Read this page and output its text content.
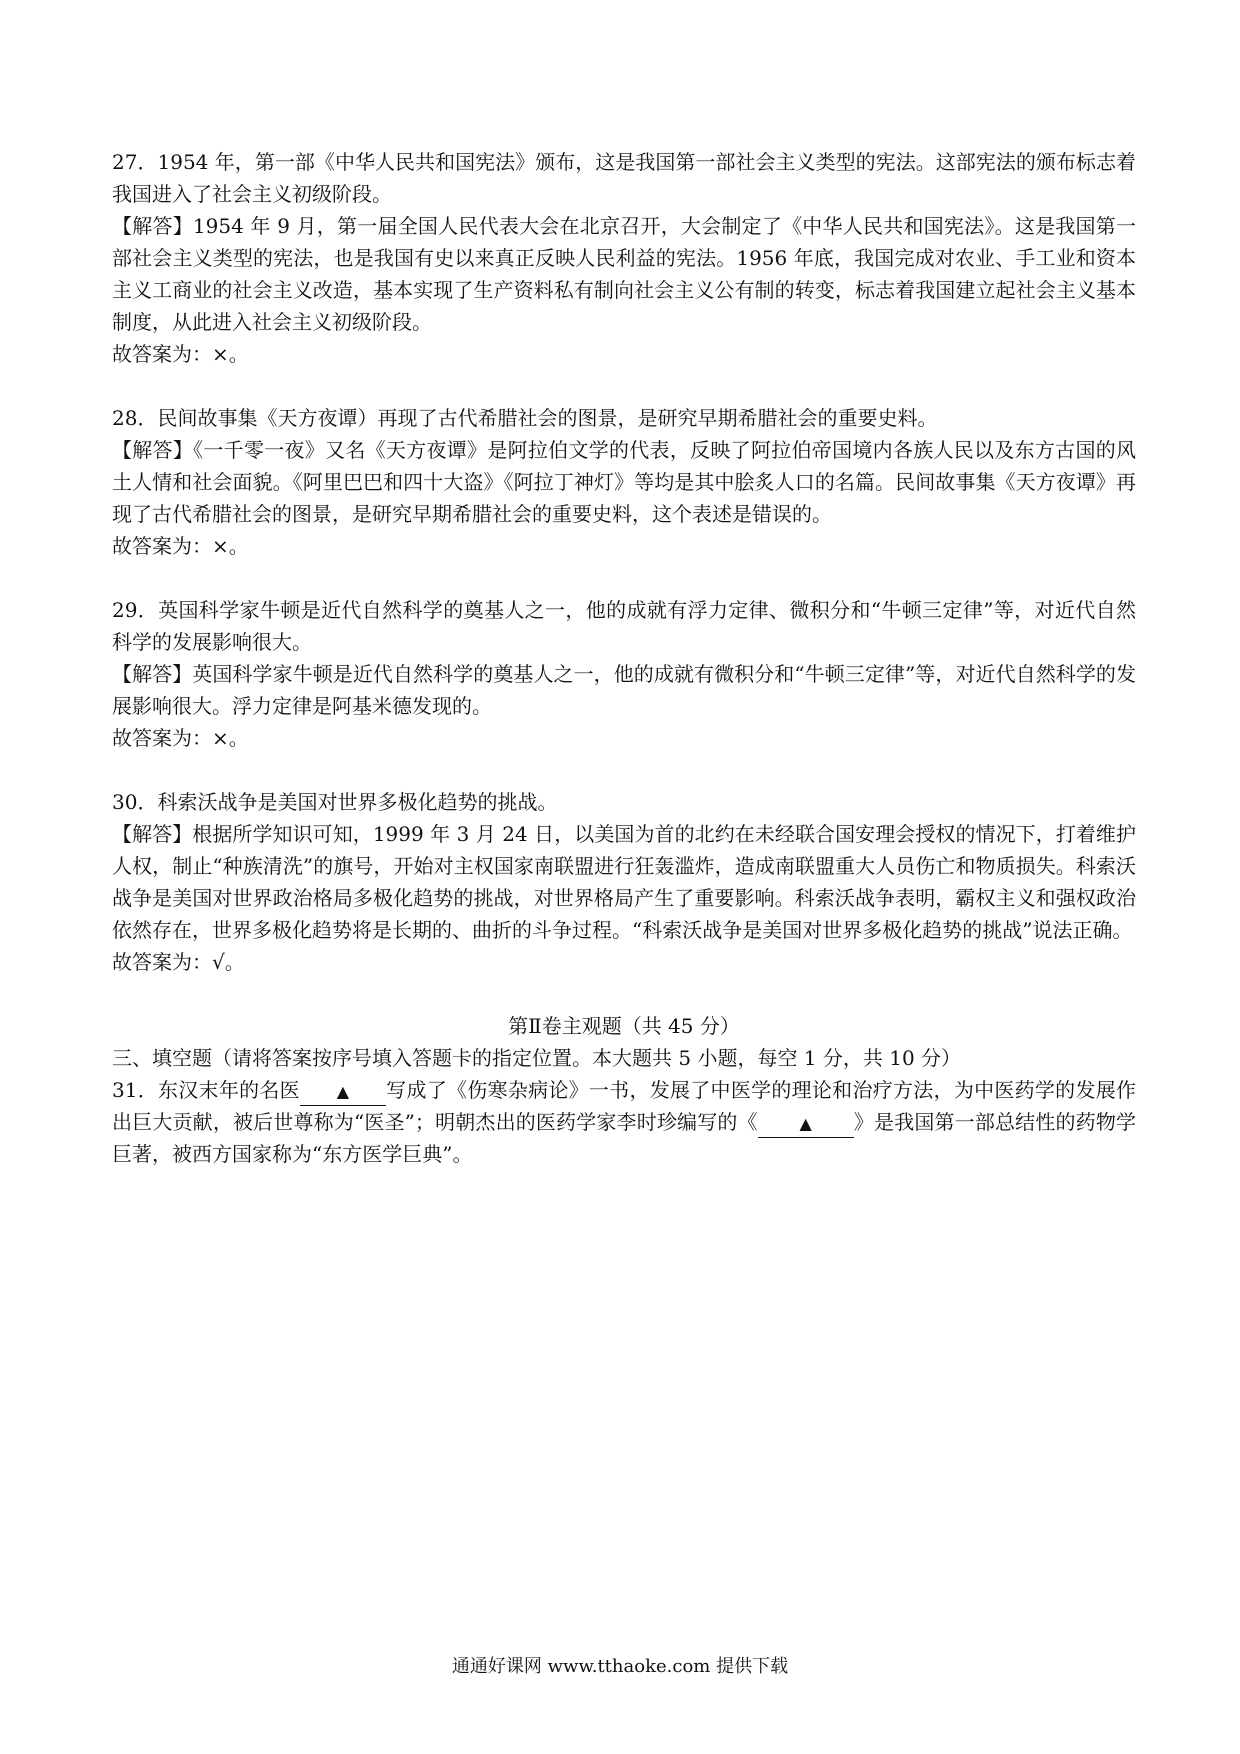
27．1954 年，第一部《中华人民共和国宪法》颁布，这是我国第一部社会主义类型的宪法。这部宪法的颁布标志着我国进入了社会主义初级阶段。

【解答】1954 年 9 月，第一届全国人民代表大会在北京召开，大会制定了《中华人民共和国宪法》。这是我国第一部社会主义类型的宪法，也是我国有史以来真正反映人民利益的宪法。1956 年底，我国完成对农业、手工业和资本主义工商业的社会主义改造，基本实现了生产资料私有制向社会主义公有制的转变，标志着我国建立起社会主义基本制度，从此进入社会主义初级阶段。

故答案为：×。

28．民间故事集《天方夜谭）再现了古代希腊社会的图景，是研究早期希腊社会的重要史料。

【解答】《一千零一夜》又名《天方夜谭》是阿拉伯文学的代表，反映了阿拉伯帝国境内各族人民以及东方古国的风土人情和社会面貌。《阿里巴巴和四十大盗》《阿拉丁神灯》等均是其中脍炙人口的名篇。民间故事集《天方夜谭》再现了古代希腊社会的图景，是研究早期希腊社会的重要史料，这个表述是错误的。

故答案为：×。

29．英国科学家牛顿是近代自然科学的奠基人之一，他的成就有浮力定律、微积分和“牛顿三定律”等，对近代自然科学的发展影响很大。

【解答】英国科学家牛顿是近代自然科学的奠基人之一，他的成就有微积分和“牛顿三定律”等，对近代自然科学的发展影响很大。浮力定律是阿基米德发现的。

故答案为：×。

30．科索沃战争是美国对世界多极化趋势的挑战。

【解答】根据所学知识可知，1999 年 3 月 24 日，以美国为首的北约在未经联合国安理会授权的情况下，打着维护人权，制止“种族清洗”的旗号，开始对主权国家南联盟进行狂轰滥炸，造成南联盟重大人员伤亡和物质损失。科索沃战争是美国对世界政治格局多极化趋势的挑战，对世界格局产生了重要影响。科索沃战争表明，霸权主义和强权政治依然存在，世界多极化趋势将是长期的、曲折的斗争过程。“科索沃战争是美国对世界多极化趋势的挑战”说法正确。

故答案为：√。

第Ⅱ卷主观题（共 45 分）

三、填空题（请将答案按序号填入答题卡的指定位置。本大题共 5 小题，每空 1 分，共 10 分）

31．东汉末年的名医 ▲ 写成了《伤寒杂病论》一书，发展了中医学的理论和治疗方法，为中医药学的发展作出巨大贡献，被后世尊称为“医圣”；明朝杰出的医药学家李时珍编写的《	▲ 》是我国第一部总结性的药物学巨著，被西方国家称为“东方医学巨典”。

通通好课网 www.tthaoke.com 提供下载
